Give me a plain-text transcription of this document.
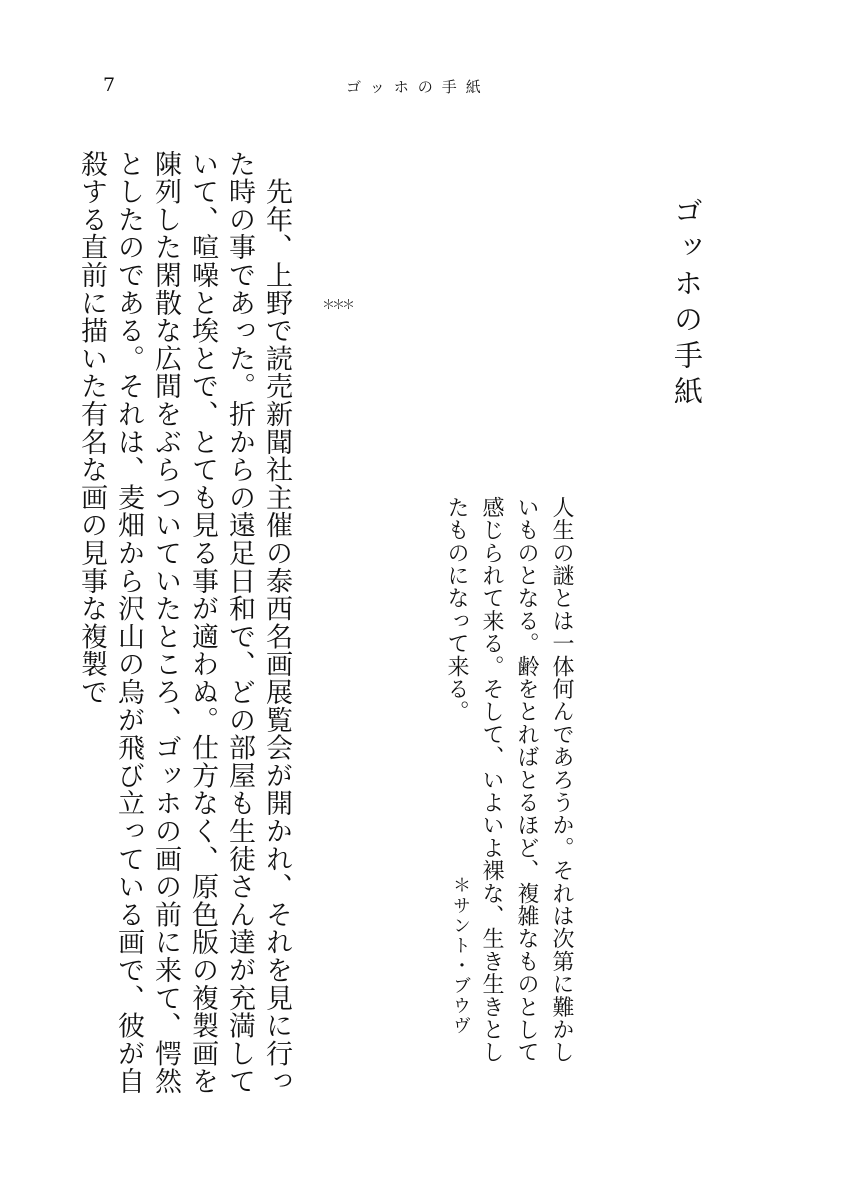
7	ゴッホの手紙
ゴッホの手紙

人生の謎とは一体何んであろうか。それは次第に難かしいものとなる。齢をとればとるほど、複雑なものとして感じられて来る。そして、いよいよ裸な、生き生きとしたものになって来る。

＊サント・ブウヴ
＊＊＊

　先年、上野で読売新聞社主催の泰西名画展覧会が開かれ、それを見に行った時の事であった。折からの遠足日和で、どの部屋も生徒さん達が充満していて、喧噪と埃とで、とても見る事が適わぬ。仕方なく、原色版の複製画を陳列した閑散な広間をぶらついていたところ、ゴッホの画の前に来て、愕然としたのである。それは、麦畑から沢山の烏が飛び立っている画で、彼が自殺する直前に描いた有名な画の見事な複製で
